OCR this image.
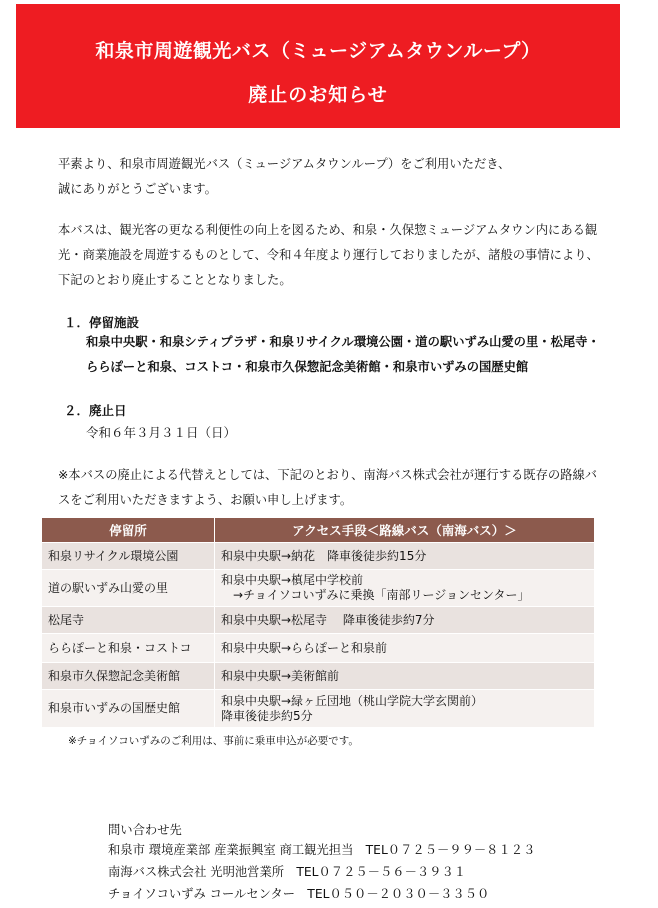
和泉市周遊観光バス（ミュージアムタウンループ）
廃止のお知らせ
平素より、和泉市周遊観光バス（ミュージアムタウンループ）をご利用いただき、
誠にありがとうございます。
本バスは、観光客の更なる利便性の向上を図るため、和泉・久保惣ミュージアムタウン内にある観
光・商業施設を周遊するものとして、令和４年度より運行しておりましたが、諸般の事情により、
下記のとおり廃止することとなりました。
１．停留施設
和泉中央駅・和泉シティプラザ・和泉リサイクル環境公園・道の駅いずみ山愛の里・松尾寺・
ららぽーと和泉、コストコ・和泉市久保惣記念美術館・和泉市いずみの国歴史館
２．廃止日
令和６年３月３１日（日）
※本バスの廃止による代替えとしては、下記のとおり、南海バス株式会社が運行する既存の路線バ
スをご利用いただきますよう、お願い申し上げます。
停留所	アクセス手段＜路線バス（南海バス）＞
和泉リサイクル環境公園	和泉中央駅→納花　降車後徒歩約15分

道の駅いずみ山愛の里	和泉中央駅→槙尾中学校前
　→チョイソコいずみに乗換「南部リージョンセンター」

松尾寺	和泉中央駅→松尾寺　 降車後徒歩約7分

ららぽーと和泉・コストコ	和泉中央駅→ららぽーと和泉前

和泉市久保惣記念美術館	和泉中央駅→美術館前

和泉市いずみの国歴史館	和泉中央駅→緑ヶ丘団地（桃山学院大学玄関前）
降車後徒歩約5分
※チョイソコいずみのご利用は、事前に乗車申込が必要です。
問い合わせ先
和泉市 環境産業部 産業振興室 商工観光担当　TEL０７２５－９９－８１２３
南海バス株式会社 光明池営業所　TEL０７２５－５６－３９３１
チョイソコいずみ コールセンター　TEL０５０－２０３０－３３５０
